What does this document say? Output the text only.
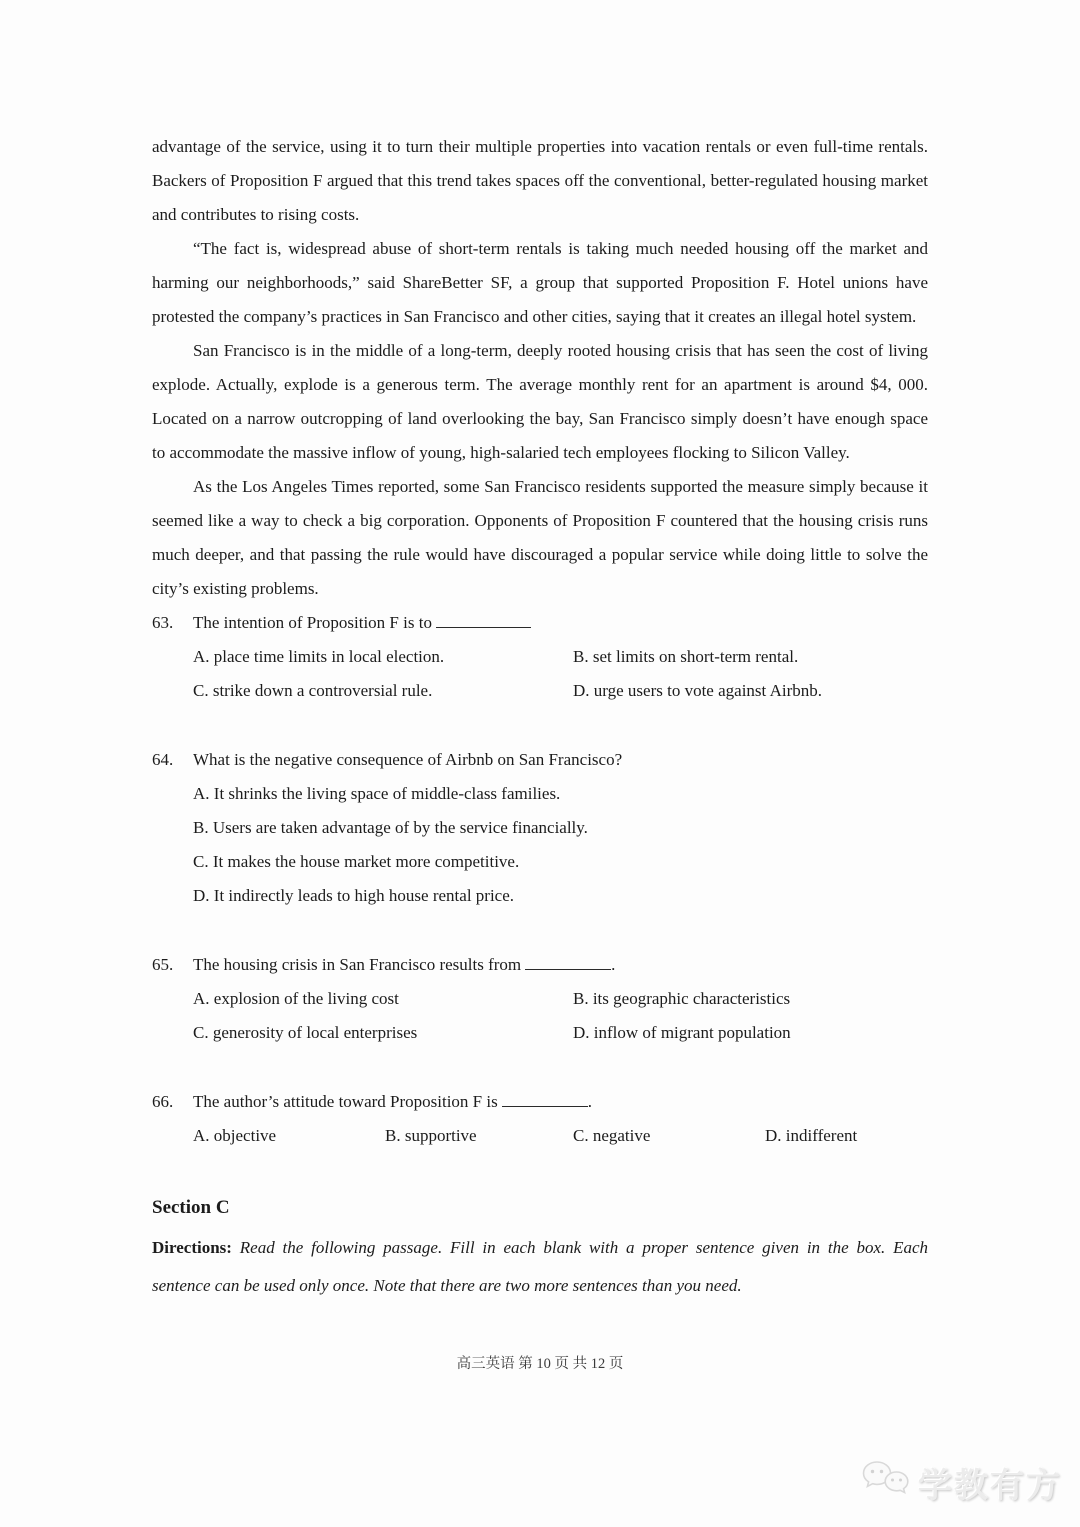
advantage of the service, using it to turn their multiple properties into vacation rentals or even full-time rentals. Backers of Proposition F argued that this trend takes spaces off the conventional, better-regulated housing market and contributes to rising costs.

“The fact is, widespread abuse of short-term rentals is taking much needed housing off the market and harming our neighborhoods,” said ShareBetter SF, a group that supported Proposition F. Hotel unions have protested the company’s practices in San Francisco and other cities, saying that it creates an illegal hotel system.

San Francisco is in the middle of a long-term, deeply rooted housing crisis that has seen the cost of living explode. Actually, explode is a generous term. The average monthly rent for an apartment is around $4, 000. Located on a narrow outcropping of land overlooking the bay, San Francisco simply doesn’t have enough space to accommodate the massive inflow of young, high-salaried tech employees flocking to Silicon Valley.

As the Los Angeles Times reported, some San Francisco residents supported the measure simply because it seemed like a way to check a big corporation. Opponents of Proposition F countered that the housing crisis runs much deeper, and that passing the rule would have discouraged a popular service while doing little to solve the city’s existing problems.

63.	The intention of Proposition F is to
A. place time limits in local election.	B. set limits on short-term rental.
C. strike down a controversial rule.	D. urge users to vote against Airbnb.
64.	What is the negative consequence of Airbnb on San Francisco?
A. It shrinks the living space of middle-class families.
B. Users are taken advantage of by the service financially.
C. It makes the house market more competitive.
D. It indirectly leads to high house rental price.
65.	The housing crisis in San Francisco results from	.
A. explosion of the living cost	B. its geographic characteristics
C. generosity of local enterprises	D. inflow of migrant population
66.	The author’s attitude toward Proposition F is	.
A. objective	B. supportive	C. negative	D. indifferent
Section C

Directions: Read the following passage. Fill in each blank with a proper sentence given in the box. Each sentence can be used only once. Note that there are two more sentences than you need.

高三英语 第 10 页 共 12 页
学教有方
